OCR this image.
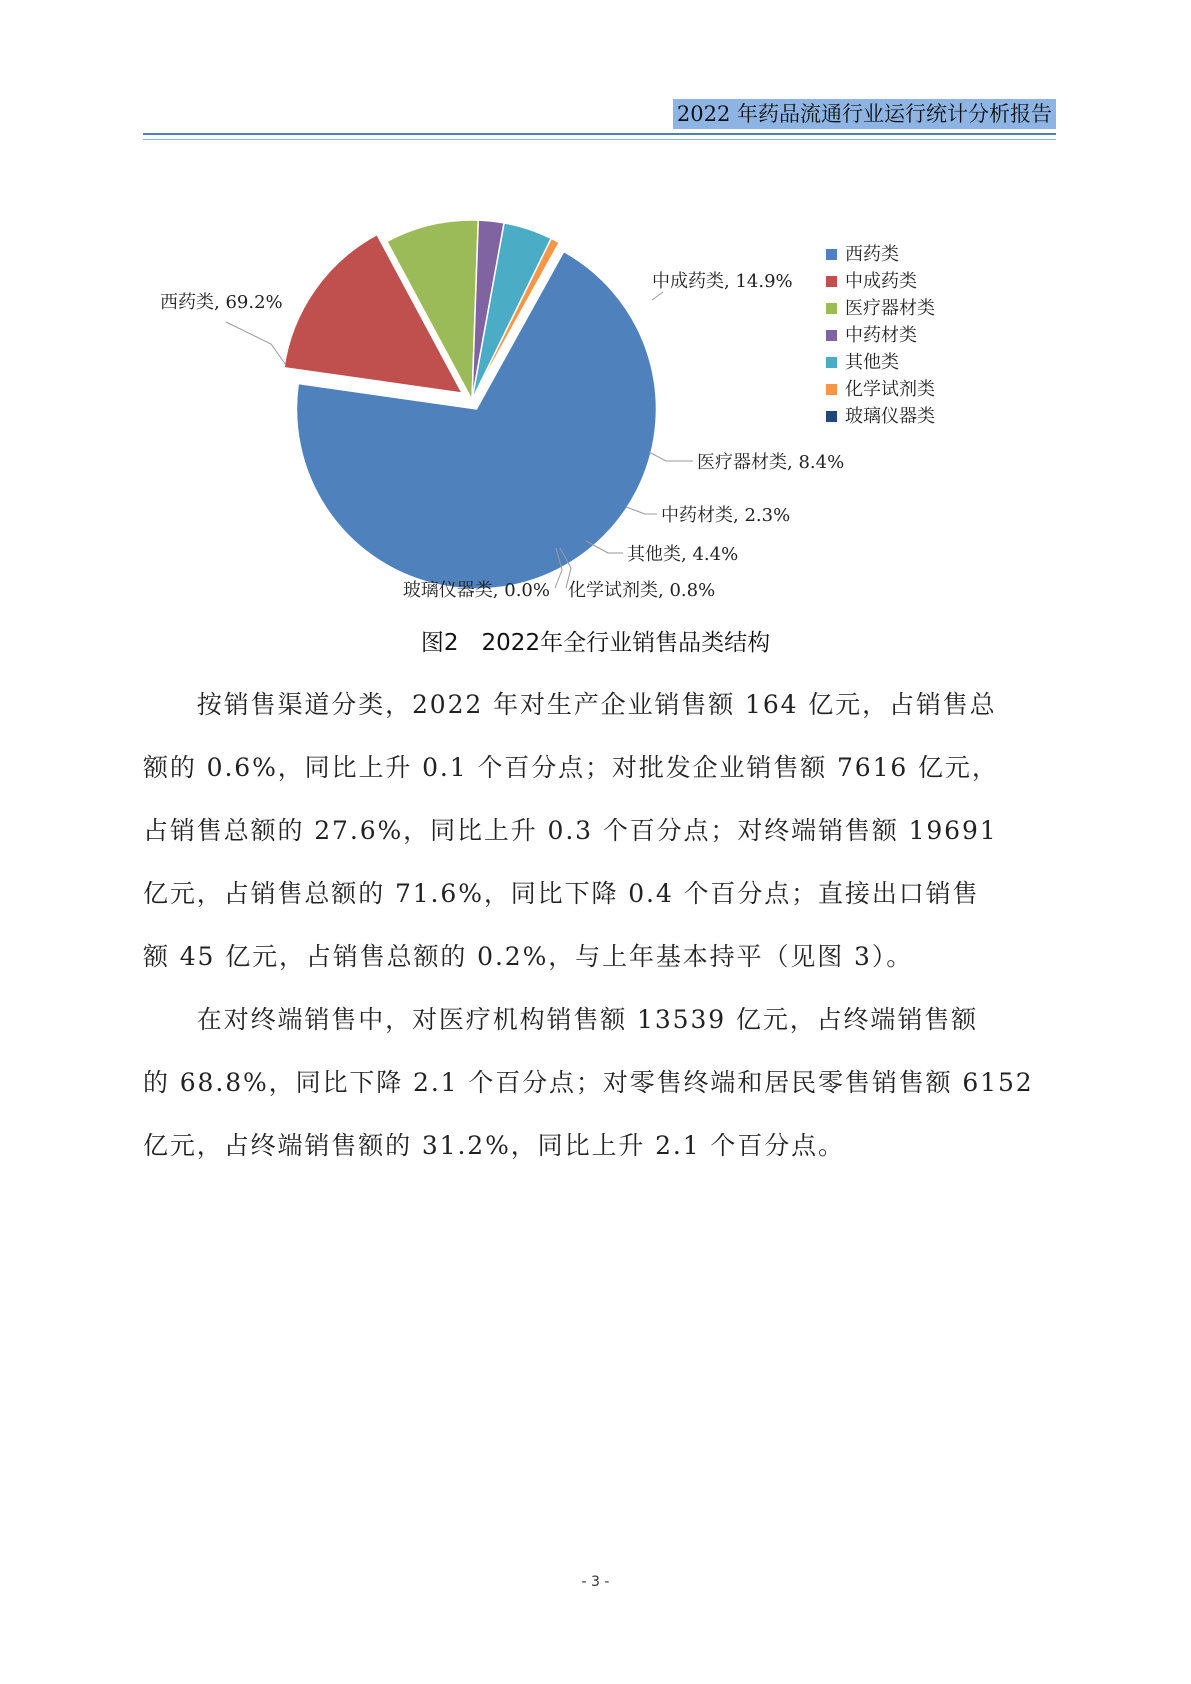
2022 年药品流通行业运行统计分析报告
西药类, 69.2%
中成药类, 14.9%
医疗器材类, 8.4%
中药材类, 2.3%
其他类, 4.4%
化学试剂类, 0.8%
玻璃仪器类, 0.0%
西药类
中成药类
医疗器材类
中药材类
其他类
化学试剂类
玻璃仪器类
图2　2022年全行业销售品类结构

　　按销售渠道分类，2022 年对生产企业销售额 164 亿元，占销售总
额的 0.6%，同比上升 0.1 个百分点；对批发企业销售额 7616 亿元，
占销售总额的 27.6%，同比上升 0.3 个百分点；对终端销售额 19691
亿元，占销售总额的 71.6%，同比下降 0.4 个百分点；直接出口销售
额 45 亿元，占销售总额的 0.2%，与上年基本持平（见图 3）。

　　在对终端销售中，对医疗机构销售额 13539 亿元，占终端销售额
的 68.8%，同比下降 2.1 个百分点；对零售终端和居民零售销售额 6152
亿元，占终端销售额的 31.2%，同比上升 2.1 个百分点。

- 3 -
